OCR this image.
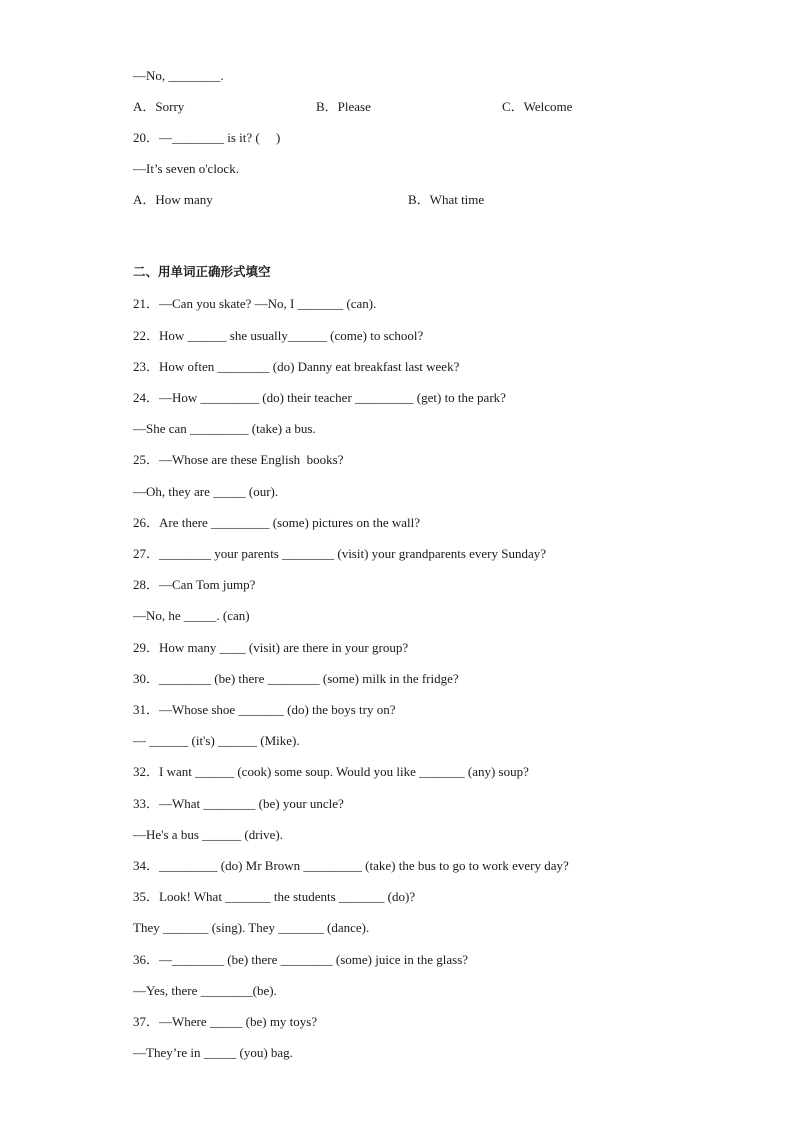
—No, ________.
A．Sorry	B．Please	C．Welcome
20．—________ is it? (　 )
—It’s seven o'clock.
A．How many	B．What time
二、用单词正确形式填空
21．—Can you skate? —No, I _______ (can).
22．How ______ she usually______ (come) to school?
23．How often ________ (do) Danny eat breakfast last week?
24．—How _________ (do) their teacher _________ (get) to the park?
—She can _________ (take) a bus.
25．—Whose are these English  books?
—Oh, they are _____ (our).
26．Are there _________ (some) pictures on the wall?
27．________ your parents ________ (visit) your grandparents every Sunday?
28．—Can Tom jump?
—No, he _____. (can)
29．How many ____ (visit) are there in your group?
30．________ (be) there ________ (some) milk in the fridge?
31．—Whose shoe _______ (do) the boys try on?
— ______ (it's) ______ (Mike).
32．I want ______ (cook) some soup. Would you like _______ (any) soup?
33．—What ________ (be) your uncle?
—He's a bus ______ (drive).
34．_________ (do) Mr Brown _________ (take) the bus to go to work every day?
35．Look! What _______ the students _______ (do)?
They _______ (sing). They _______ (dance).
36．—________ (be) there ________ (some) juice in the glass?
—Yes, there ________(be).
37．—Where _____ (be) my toys?
—They’re in _____ (you) bag.
